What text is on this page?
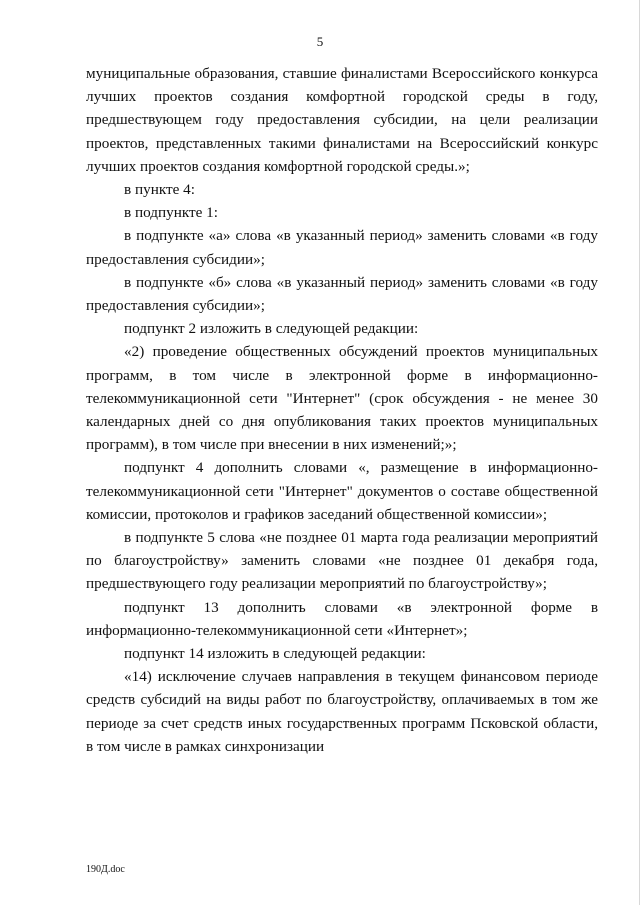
5

муниципальные образования, ставшие финалистами Всероссийского конкурса лучших проектов создания комфортной городской среды в году, предшествующем году предоставления субсидии, на цели реализации проектов, представленных такими финалистами на Всероссийский конкурс лучших проектов создания комфортной городской среды.»;

в пункте 4:

в подпункте 1:

в подпункте «а» слова «в указанный период» заменить словами «в году предоставления субсидии»;

в подпункте «б» слова «в указанный период» заменить словами «в году предоставления субсидии»;

подпункт 2 изложить в следующей редакции:

«2) проведение общественных обсуждений проектов муниципальных программ, в том числе в электронной форме в информационно-телекоммуникационной сети "Интернет" (срок обсуждения - не менее 30 календарных дней со дня опубликования таких проектов муниципальных программ), в том числе при внесении в них изменений;»;

подпункт 4 дополнить словами «, размещение в информационно-телекоммуникационной сети "Интернет" документов о составе общественной комиссии, протоколов и графиков заседаний общественной комиссии»;

в подпункте 5 слова «не позднее 01 марта года реализации мероприятий по благоустройству» заменить словами «не позднее 01 декабря года, предшествующего году реализации мероприятий по благоустройству»;

подпункт 13 дополнить словами «в электронной форме в информационно-телекоммуникационной сети «Интернет»;

подпункт 14 изложить в следующей редакции:

«14) исключение случаев направления в текущем финансовом периоде средств субсидий на виды работ по благоустройству, оплачиваемых в том же периоде за счет средств иных государственных программ Псковской области, в том числе в рамках синхронизации

190Д.doc
